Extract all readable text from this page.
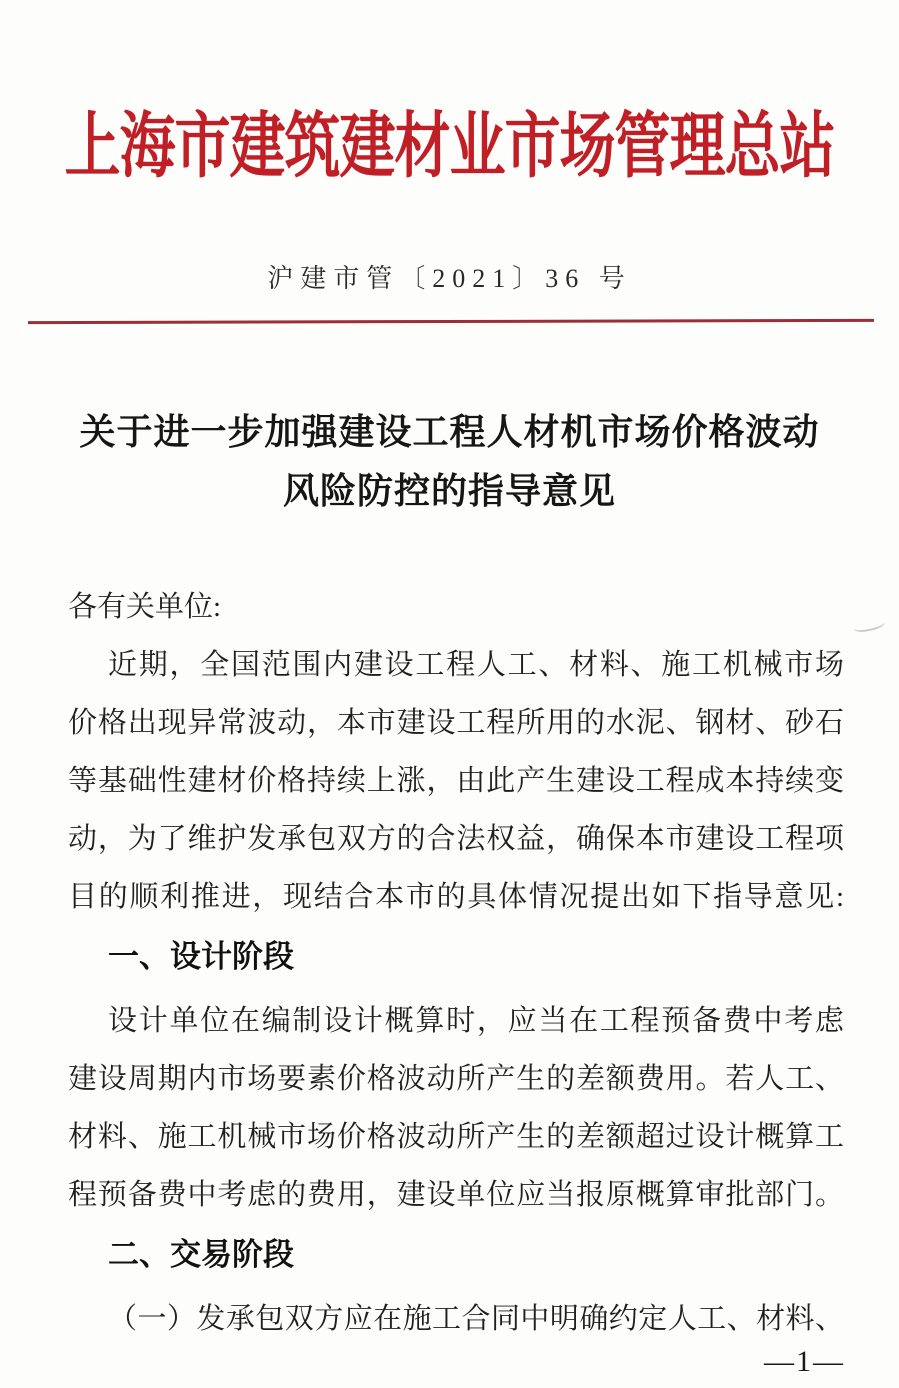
上海市建筑建材业市场管理总站
沪建市管〔2021〕36 号
关于进一步加强建设工程人材机市场价格波动
风险防控的指导意见
各有关单位:
近期，全国范围内建设工程人工、材料、施工机械市场
价格出现异常波动，本市建设工程所用的水泥、钢材、砂石
等基础性建材价格持续上涨，由此产生建设工程成本持续变
动，为了维护发承包双方的合法权益，确保本市建设工程项
目的顺利推进，现结合本市的具体情况提出如下指导意见:
一、设计阶段
设计单位在编制设计概算时，应当在工程预备费中考虑
建设周期内市场要素价格波动所产生的差额费用。若人工、
材料、施工机械市场价格波动所产生的差额超过设计概算工
程预备费中考虑的费用，建设单位应当报原概算审批部门。
二、交易阶段
（一）发承包双方应在施工合同中明确约定人工、材料、
—1—
